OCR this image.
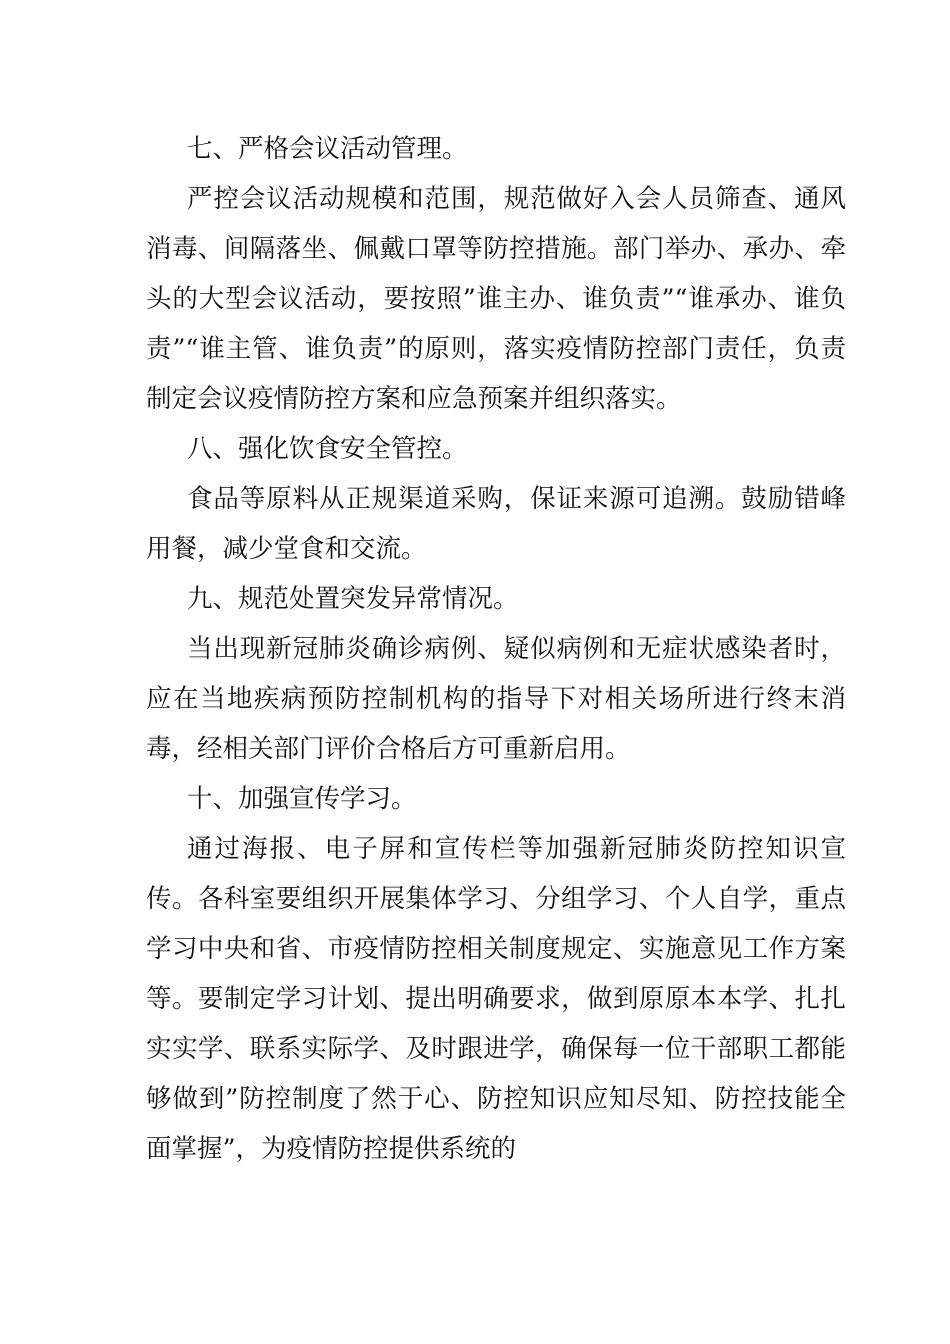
七、严格会议活动管理。

严控会议活动规模和范围，规范做好入会人员筛查、通风消毒、间隔落坐、佩戴口罩等防控措施。部门举办、承办、牵头的大型会议活动，要按照”谁主办、谁负责”“谁承办、谁负责”“谁主管、谁负责”的原则，落实疫情防控部门责任，负责制定会议疫情防控方案和应急预案并组织落实。

八、强化饮食安全管控。

食品等原料从正规渠道采购，保证来源可追溯。鼓励错峰用餐，减少堂食和交流。

九、规范处置突发异常情况。

当出现新冠肺炎确诊病例、疑似病例和无症状感染者时，应在当地疾病预防控制机构的指导下对相关场所进行终末消毒，经相关部门评价合格后方可重新启用。

十、加强宣传学习。

通过海报、电子屏和宣传栏等加强新冠肺炎防控知识宣传。各科室要组织开展集体学习、分组学习、个人自学，重点学习中央和省、市疫情防控相关制度规定、实施意见工作方案等。要制定学习计划、提出明确要求，做到原原本本学、扎扎实实学、联系实际学、及时跟进学，确保每一位干部职工都能够做到”防控制度了然于心、防控知识应知尽知、防控技能全面掌握”，为疫情防控提供系统的
